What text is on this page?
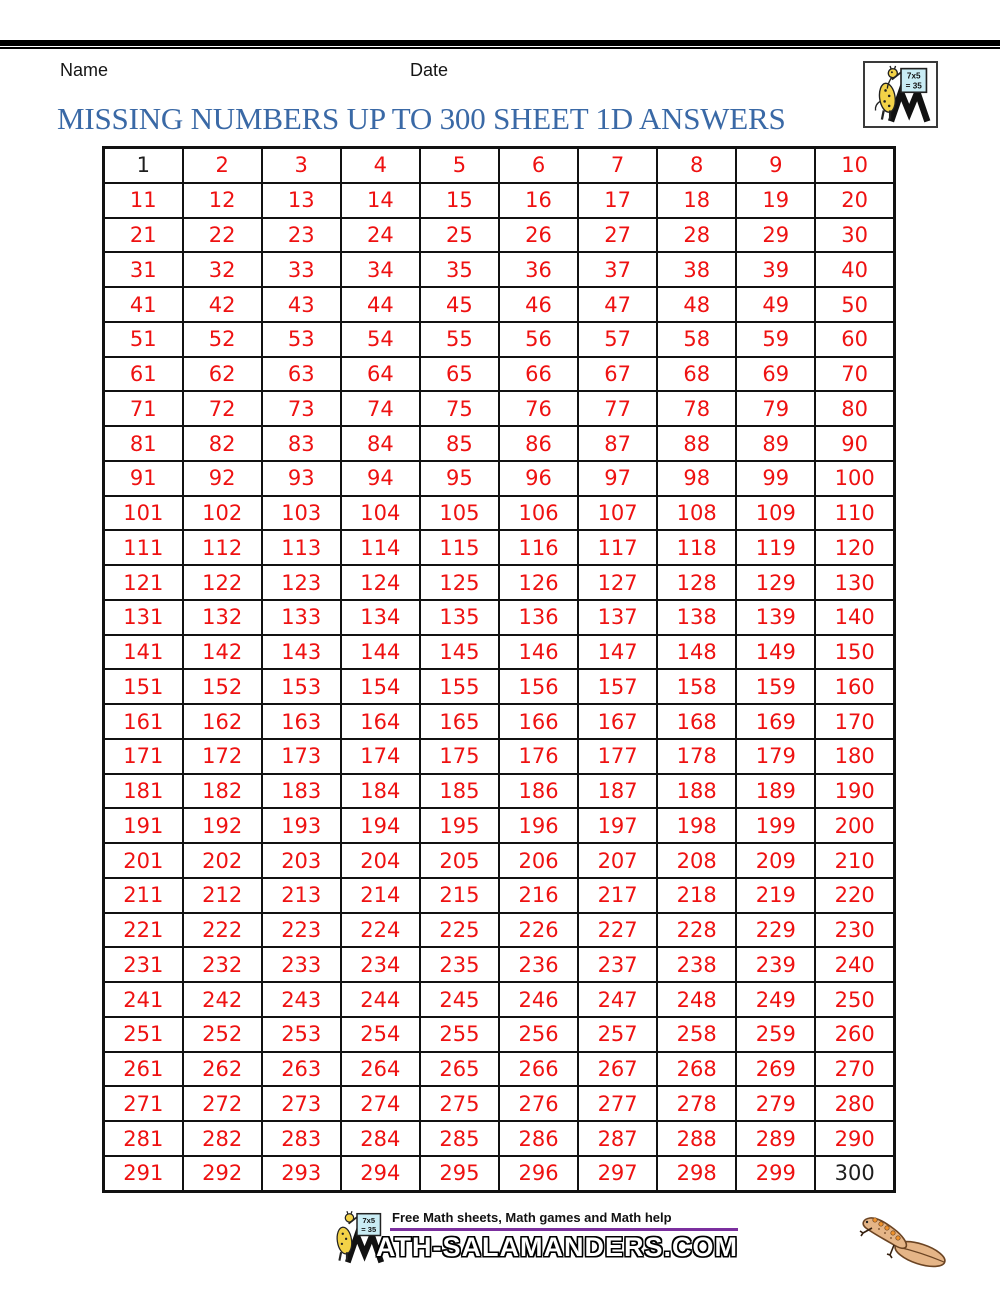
Name	Date	7x5
= 35
MISSING NUMBERS UP TO 300 SHEET 1D ANSWERS
1	2	3	4	5	6	7	8	9	10
11	12	13	14	15	16	17	18	19	20
21	22	23	24	25	26	27	28	29	30
31	32	33	34	35	36	37	38	39	40
41	42	43	44	45	46	47	48	49	50
51	52	53	54	55	56	57	58	59	60
61	62	63	64	65	66	67	68	69	70
71	72	73	74	75	76	77	78	79	80
81	82	83	84	85	86	87	88	89	90
91	92	93	94	95	96	97	98	99	100
101	102	103	104	105	106	107	108	109	110
111	112	113	114	115	116	117	118	119	120
121	122	123	124	125	126	127	128	129	130
131	132	133	134	135	136	137	138	139	140
141	142	143	144	145	146	147	148	149	150
151	152	153	154	155	156	157	158	159	160
161	162	163	164	165	166	167	168	169	170
171	172	173	174	175	176	177	178	179	180
181	182	183	184	185	186	187	188	189	190
191	192	193	194	195	196	197	198	199	200
201	202	203	204	205	206	207	208	209	210
211	212	213	214	215	216	217	218	219	220
221	222	223	224	225	226	227	228	229	230
231	232	233	234	235	236	237	238	239	240
241	242	243	244	245	246	247	248	249	250
251	252	253	254	255	256	257	258	259	260
261	262	263	264	265	266	267	268	269	270
271	272	273	274	275	276	277	278	279	280
281	282	283	284	285	286	287	288	289	290
291	292	293	294	295	296	297	298	299	300
7x5
= 35
Free Math sheets, Math games and Math help
ATH-SALAMANDERS.COM
